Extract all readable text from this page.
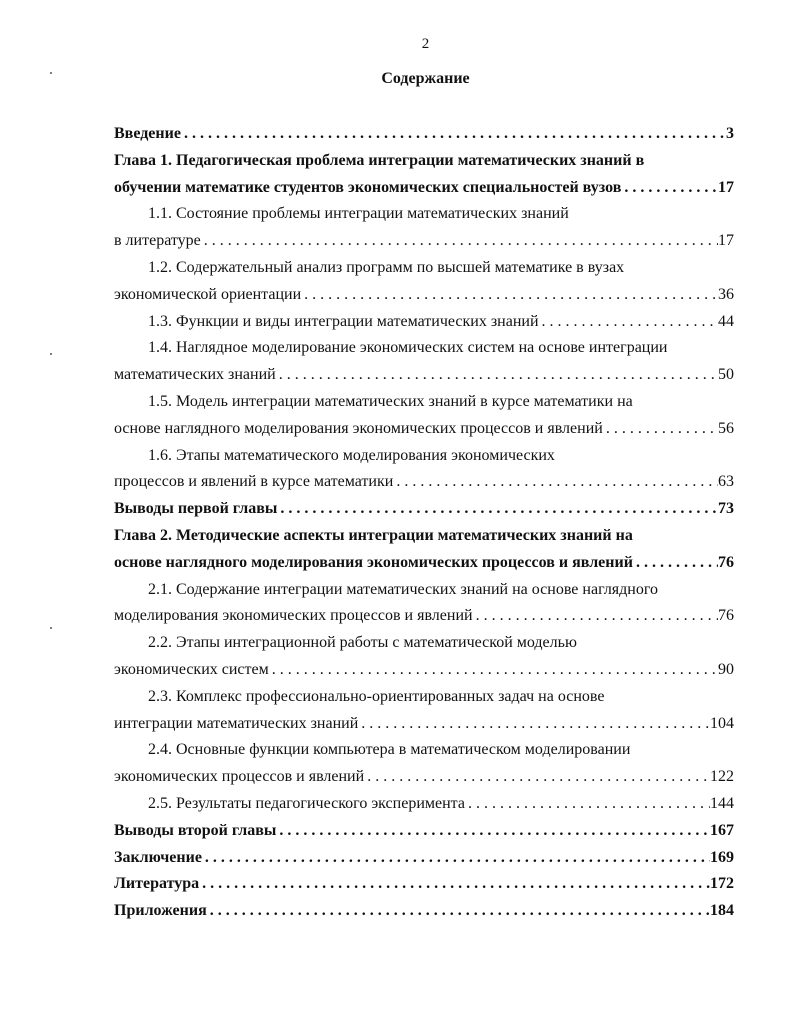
2
Содержание
Введение . . .	3
Глава 1. Педагогическая проблема интеграции математических знаний в
обучении математике студентов экономических специальностей вузов . . .	17
1.1. Состояние проблемы интеграции математических знаний
в литературе . . .	17
1.2. Содержательный анализ программ по высшей математике в вузах
экономической ориентации . . .	36
1.3. Функции и виды интеграции математических знаний . . .	44
1.4. Наглядное моделирование экономических систем на основе интеграции
математических знаний . . .	50
1.5. Модель интеграции математических знаний в курсе математики на
основе наглядного моделирования экономических процессов и явлений . . .	56
1.6. Этапы математического моделирования экономических
процессов и явлений в курсе математики . . .	63
Выводы первой главы . . .	73
Глава 2. Методические аспекты интеграции математических знаний на
основе наглядного моделирования экономических процессов и явлений . . .	76
2.1. Содержание интеграции математических знаний на основе наглядного
моделирования экономических процессов и явлений . . .	76
2.2. Этапы интеграционной работы с математической моделью
экономических систем . . .	90
2.3. Комплекс профессионально-ориентированных задач на основе
интеграции математических знаний . . .	104
2.4. Основные функции компьютера в математическом моделировании
экономических процессов и явлений . . .	122
2.5. Результаты педагогического эксперимента . . .	144
Выводы второй главы . . .	167
Заключение . . .	169
Литература . . .	172
Приложения . . .	184
